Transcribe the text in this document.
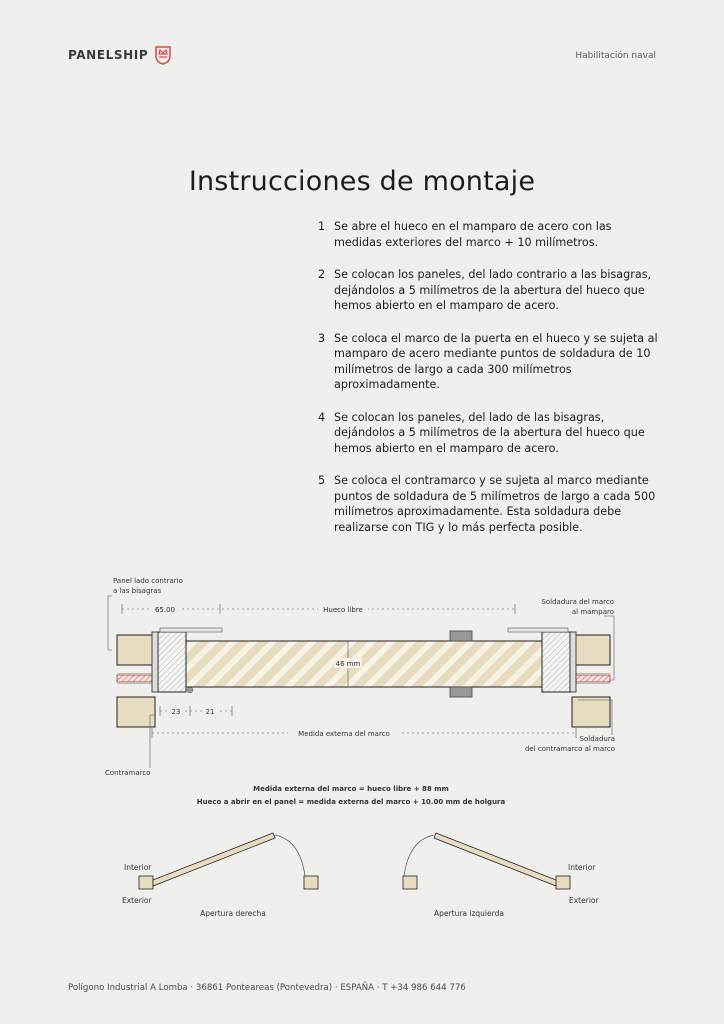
PANELSHIP	Habilitación naval
Instrucciones de montaje
1 Se abre el hueco en el mamparo de acero con las medidas exteriores del marco + 10 milímetros.
2 Se colocan los paneles, del lado contrario a las bisagras, dejándolos a 5 milímetros de la abertura del hueco que hemos abierto en el mamparo de acero.
3 Se coloca el marco de la puerta en el hueco y se sujeta al mamparo de acero mediante puntos de soldadura de 10 milímetros de largo a cada 300 milímetros aproximadamente.
4 Se colocan los paneles, del lado de las bisagras, dejándolos a 5 milímetros de la abertura del hueco que hemos abierto en el mamparo de acero.
5 Se coloca el contramarco y se sujeta al marco mediante puntos de soldadura de 5 milímetros de largo a cada 500 milímetros aproximadamente. Esta soldadura debe realizarse con TIG y lo más perfecta posible.
Panel lado contrario
a las bisagras
Soldadura del marco
al mamparo
65.00	Hueco libre
46 mm
23	21
Medida externa del marco
Soldadura
del contramarco al marco
Contramarco
Medida externa del marco = hueco libre + 88 mm
Hueco a abrir en el panel = medida externa del marco + 10.00 mm de holgura
Interior
Exterior
Apertura derecha
Interior
Exterior
Apertura izquierda
Polígono Industrial A Lomba · 36861 Ponteareas (Pontevedra) · ESPAÑA · T +34 986 644 776
